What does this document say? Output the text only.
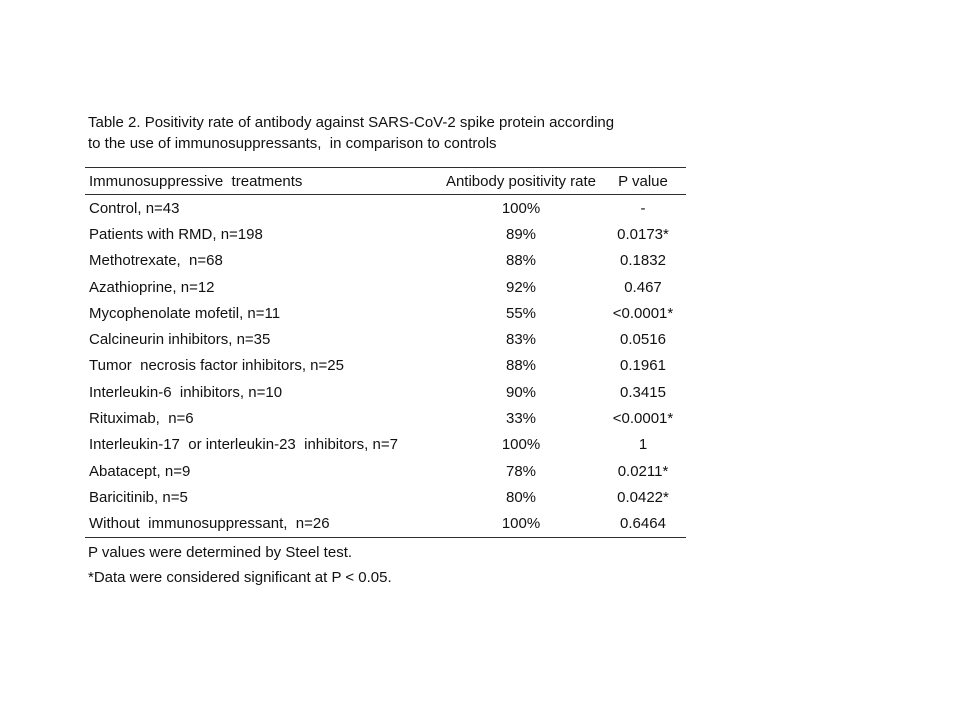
Table 2. Positivity rate of antibody against SARS-CoV-2 spike protein according
to the use of immunosuppressants,  in comparison to controls
Immunosuppressive  treatments	Antibody positivity rate	P value
Control, n=43	100%	-
Patients with RMD, n=198	89%	0.0173*
Methotrexate,  n=68	88%	0.1832
Azathioprine, n=12	92%	0.467
Mycophenolate mofetil, n=11	55%	<0.0001*
Calcineurin inhibitors, n=35	83%	0.0516
Tumor  necrosis factor inhibitors, n=25	88%	0.1961
Interleukin-6  inhibitors, n=10	90%	0.3415
Rituximab,  n=6	33%	<0.0001*
Interleukin-17  or interleukin-23  inhibitors, n=7	100%	1
Abatacept, n=9	78%	0.0211*
Baricitinib, n=5	80%	0.0422*
Without  immunosuppressant,  n=26	100%	0.6464

P values were determined by Steel test.

*Data were considered significant at P < 0.05.
